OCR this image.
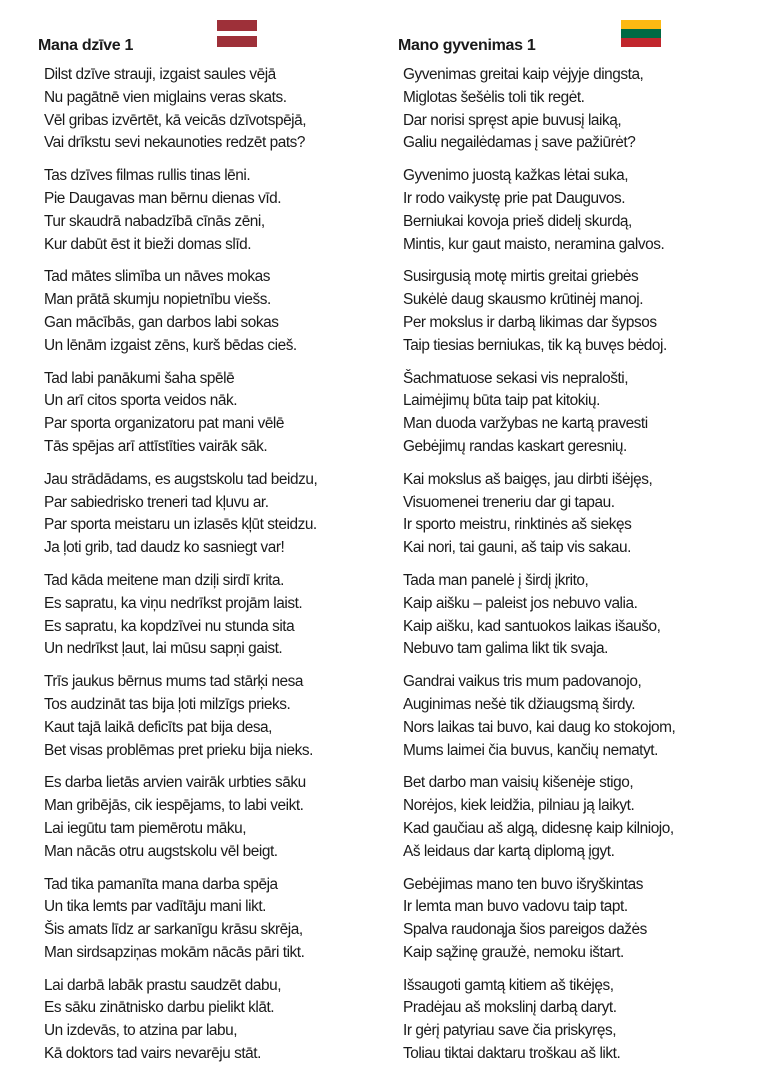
Mana dzīve 1
Dilst dzīve strauji, izgaist saules vējā
Nu pagātnē vien miglains veras skats.
Vēl gribas izvērtēt, kā veicās dzīvotspējā,
Vai drīkstu sevi nekaunoties redzēt pats?
Tas dzīves filmas rullis tinas lēni.
Pie Daugavas man bērnu dienas vīd.
Tur skaudrā nabadzībā cīnās zēni,
Kur dabūt ēst it bieži domas slīd.
Tad mātes slimība un nāves mokas
Man prātā skumju nopietnību viešs.
Gan mācībās, gan darbos labi sokas
Un lēnām izgaist zēns, kurš bēdas cieš.
Tad labi panākumi šaha spēlē
Un arī citos sporta veidos nāk.
Par sporta organizatoru pat mani vēlē
Tās spējas arī attīstīties vairāk sāk.
Jau strādādams, es augstskolu tad beidzu,
Par sabiedrisko treneri tad kļuvu ar.
Par sporta meistaru un izlasēs kļūt steidzu.
Ja ļoti grib, tad daudz ko sasniegt var!
Tad kāda meitene man dziļi sirdī krita.
Es sapratu, ka viņu nedrīkst projām laist.
Es sapratu, ka kopdzīvei nu stunda sita
Un nedrīkst ļaut, lai mūsu sapņi gaist.
Trīs jaukus bērnus mums tad stārķi nesa
Tos audzināt tas bija ļoti milzīgs prieks.
Kaut tajā laikā deficīts pat bija desa,
Bet visas problēmas pret prieku bija nieks.
Es darba lietās arvien vairāk urbties sāku
Man gribējās, cik iespējams, to labi veikt.
Lai iegūtu tam piemērotu māku,
Man nācās otru augstskolu vēl beigt.
Tad tika pamanīta mana darba spēja
Un tika lemts par vadītāju mani likt.
Šis amats līdz ar sarkanīgu krāsu skrēja,
Man sirdsapziņas mokām nācās pāri tikt.
Lai darbā labāk prastu saudzēt dabu,
Es sāku zinātnisko darbu pielikt klāt.
Un izdevās, to atzina par labu,
Kā doktors tad vairs nevarēju stāt.
Mano gyvenimas 1
Gyvenimas greitai kaip vėjyje dingsta,
Miglotas šešėlis toli tik regėt.
Dar norisi spręst apie buvusį laiką,
Galiu negailėdamas į save pažiūrėt?
Gyvenimo juostą kažkas lėtai suka,
Ir rodo vaikystę prie pat Dauguvos.
Berniukai kovoja prieš didelį skurdą,
Mintis, kur gaut maisto, neramina galvos.
Susirgusią motę mirtis greitai griebės
Sukėlė daug skausmo krūtinėj manoj.
Per mokslus ir darbą likimas dar šypsos
Taip tiesias berniukas, tik ką buvęs bėdoj.
Šachmatuose sekasi vis nepralošti,
Laimėjimų būta taip pat kitokių.
Man duoda varžybas ne kartą pravesti
Gebėjimų randas kaskart geresnių.
Kai mokslus aš baigęs, jau dirbti išėjęs,
Visuomenei treneriu dar gi tapau.
Ir sporto meistru, rinktinės aš siekęs
Kai nori, tai gauni, aš taip vis sakau.
Tada man panelė į širdį įkrito,
Kaip aišku – paleist jos nebuvo valia.
Kaip aišku, kad santuokos laikas išaušo,
Nebuvo tam galima likt tik svaja.
Gandrai vaikus tris mum padovanojo,
Auginimas nešė tik džiaugsmą širdy.
Nors laikas tai buvo, kai daug ko stokojom,
Mums laimei čia buvus, kančių nematyt.
Bet darbo man vaisių kišenėje stigo,
Norėjos, kiek leidžia, pilniau ją laikyt.
Kad gaučiau aš algą, didesnę kaip kilniojo,
Aš leidaus dar kartą diplomą įgyt.
Gebėjimas mano ten buvo išryškintas
Ir lemta man buvo vadovu taip tapt.
Spalva raudonąja šios pareigos dažės
Kaip sąžinę graužė, nemoku ištart.
Išsaugoti gamtą kitiem aš tikėjęs,
Pradėjau aš mokslinį darbą daryt.
Ir gėrį patyriau save čia priskyręs,
Toliau tiktai daktaru troškau aš likt.
